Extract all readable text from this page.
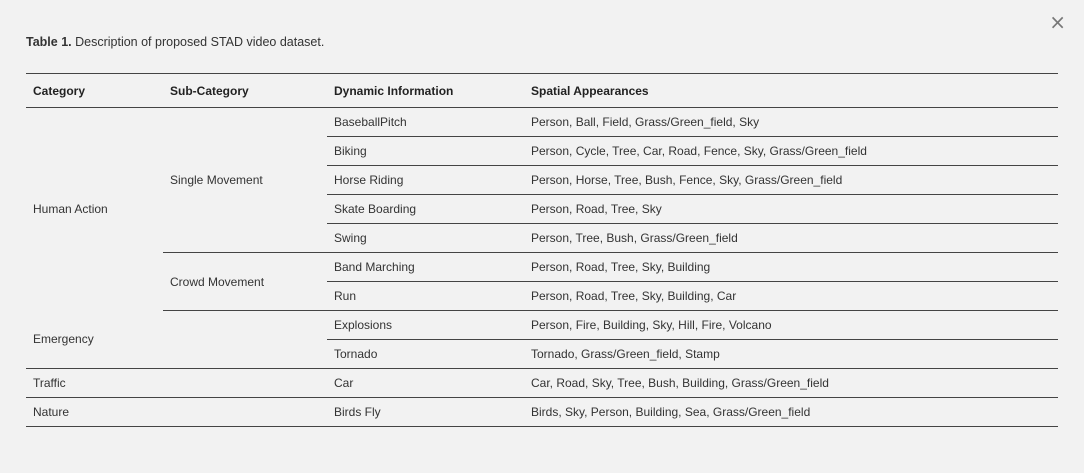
×
Table 1. Description of proposed STAD video dataset.
Category	Sub-Category	Dynamic Information	Spatial Appearances
Human Action	Single Movement	BaseballPitch	Person, Ball, Field, Grass/Green_field, Sky
		Biking	Person, Cycle, Tree, Car, Road, Fence, Sky, Grass/Green_field
		Horse Riding	Person, Horse, Tree, Bush, Fence, Sky, Grass/Green_field
		Skate Boarding	Person, Road, Tree, Sky
		Swing	Person, Tree, Bush, Grass/Green_field
	Crowd Movement	Band Marching	Person, Road, Tree, Sky, Building
		Run	Person, Road, Tree, Sky, Building, Car
Emergency		Explosions	Person, Fire, Building, Sky, Hill, Fire, Volcano
		Tornado	Tornado, Grass/Green_field, Stamp
Traffic		Car	Car, Road, Sky, Tree, Bush, Building, Grass/Green_field
Nature		Birds Fly	Birds, Sky, Person, Building, Sea, Grass/Green_field
